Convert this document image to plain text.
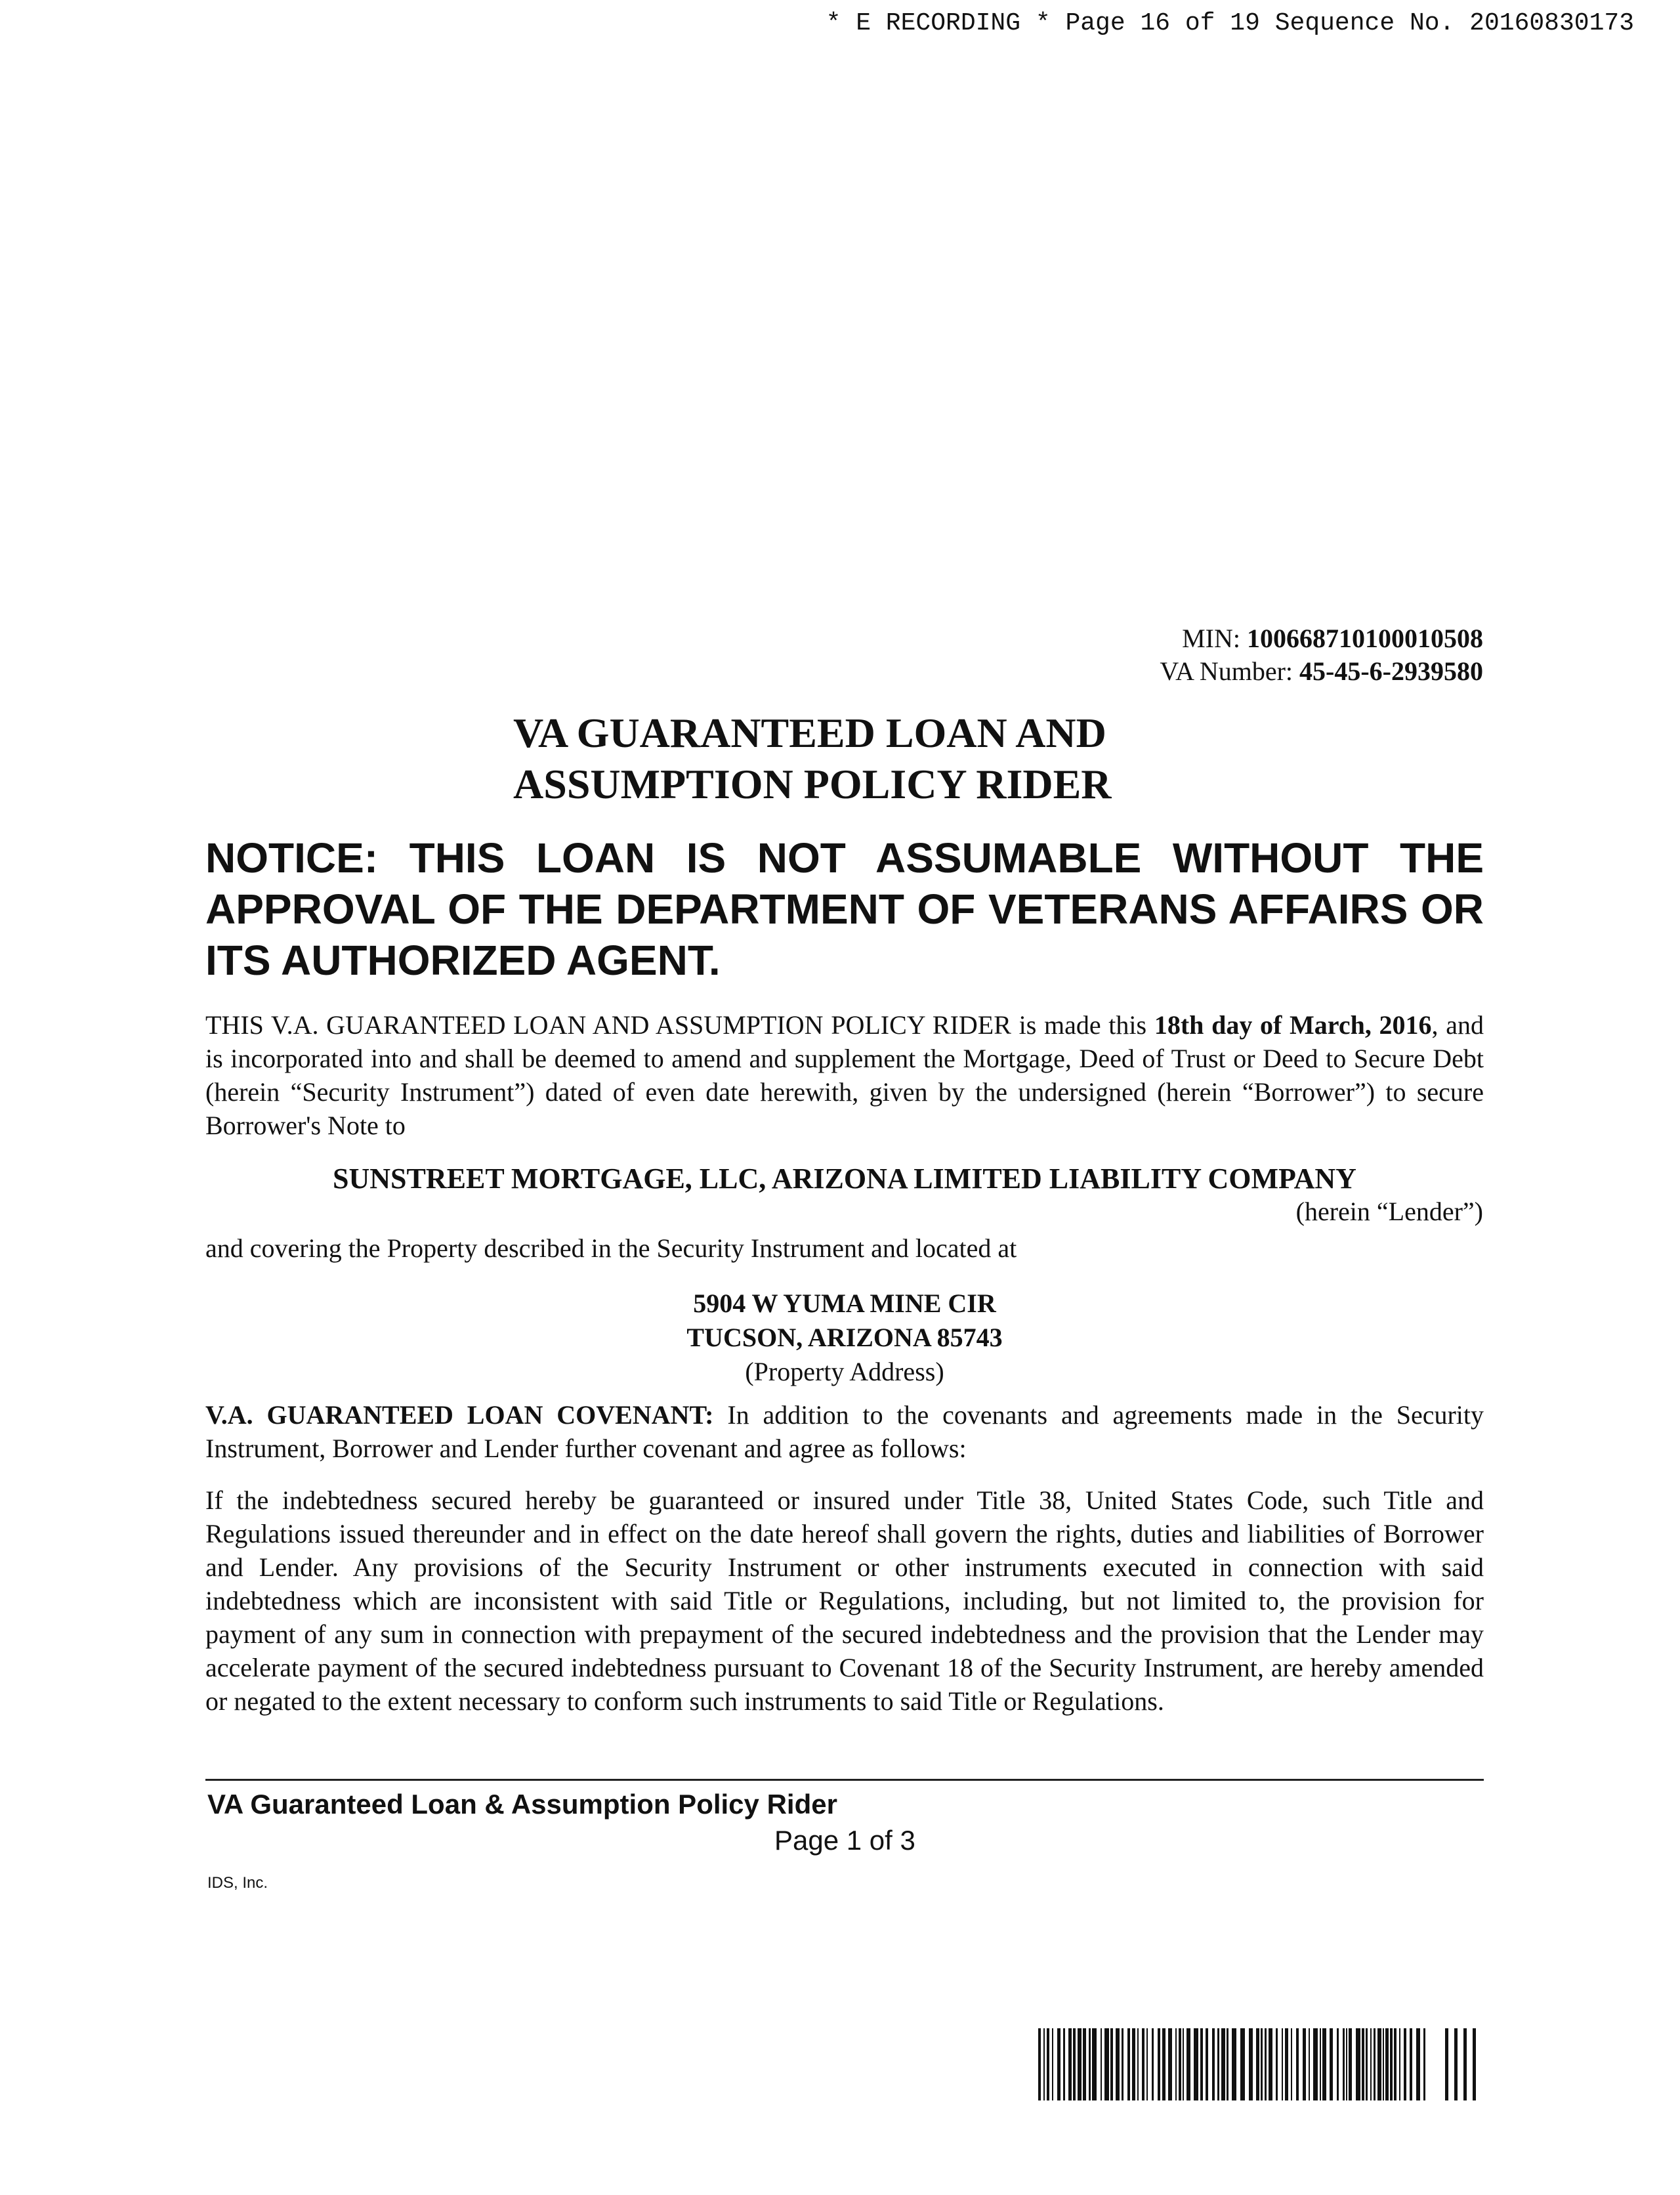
* E RECORDING * Page 16 of 19 Sequence No. 20160830173
MIN: 100668710100010508
VA Number: 45-45-6-2939580
VA GUARANTEED LOAN AND
ASSUMPTION POLICY RIDER
NOTICE: THIS LOAN IS NOT ASSUMABLE WITHOUT THE APPROVAL OF THE DEPARTMENT OF VETERANS AFFAIRS OR ITS AUTHORIZED AGENT.
THIS V.A. GUARANTEED LOAN AND ASSUMPTION POLICY RIDER is made this 18th day of March, 2016, and is incorporated into and shall be deemed to amend and supplement the Mortgage, Deed of Trust or Deed to Secure Debt (herein “Security Instrument”) dated of even date herewith, given by the undersigned (herein “Borrower”) to secure Borrower's Note to
SUNSTREET MORTGAGE, LLC, ARIZONA LIMITED LIABILITY COMPANY
(herein “Lender”)
and covering the Property described in the Security Instrument and located at
5904 W YUMA MINE CIR
TUCSON, ARIZONA 85743
(Property Address)
V.A. GUARANTEED LOAN COVENANT: In addition to the covenants and agreements made in the Security Instrument, Borrower and Lender further covenant and agree as follows:
If the indebtedness secured hereby be guaranteed or insured under Title 38, United States Code, such Title and Regulations issued thereunder and in effect on the date hereof shall govern the rights, duties and liabilities of Borrower and Lender. Any provisions of the Security Instrument or other instruments executed in connection with said indebtedness which are inconsistent with said Title or Regulations, including, but not limited to, the provision for payment of any sum in connection with prepayment of the secured indebtedness and the provision that the Lender may accelerate payment of the secured indebtedness pursuant to Covenant 18 of the Security Instrument, are hereby amended or negated to the extent necessary to conform such instruments to said Title or Regulations.
VA Guaranteed Loan & Assumption Policy Rider
Page 1 of 3
IDS, Inc.
